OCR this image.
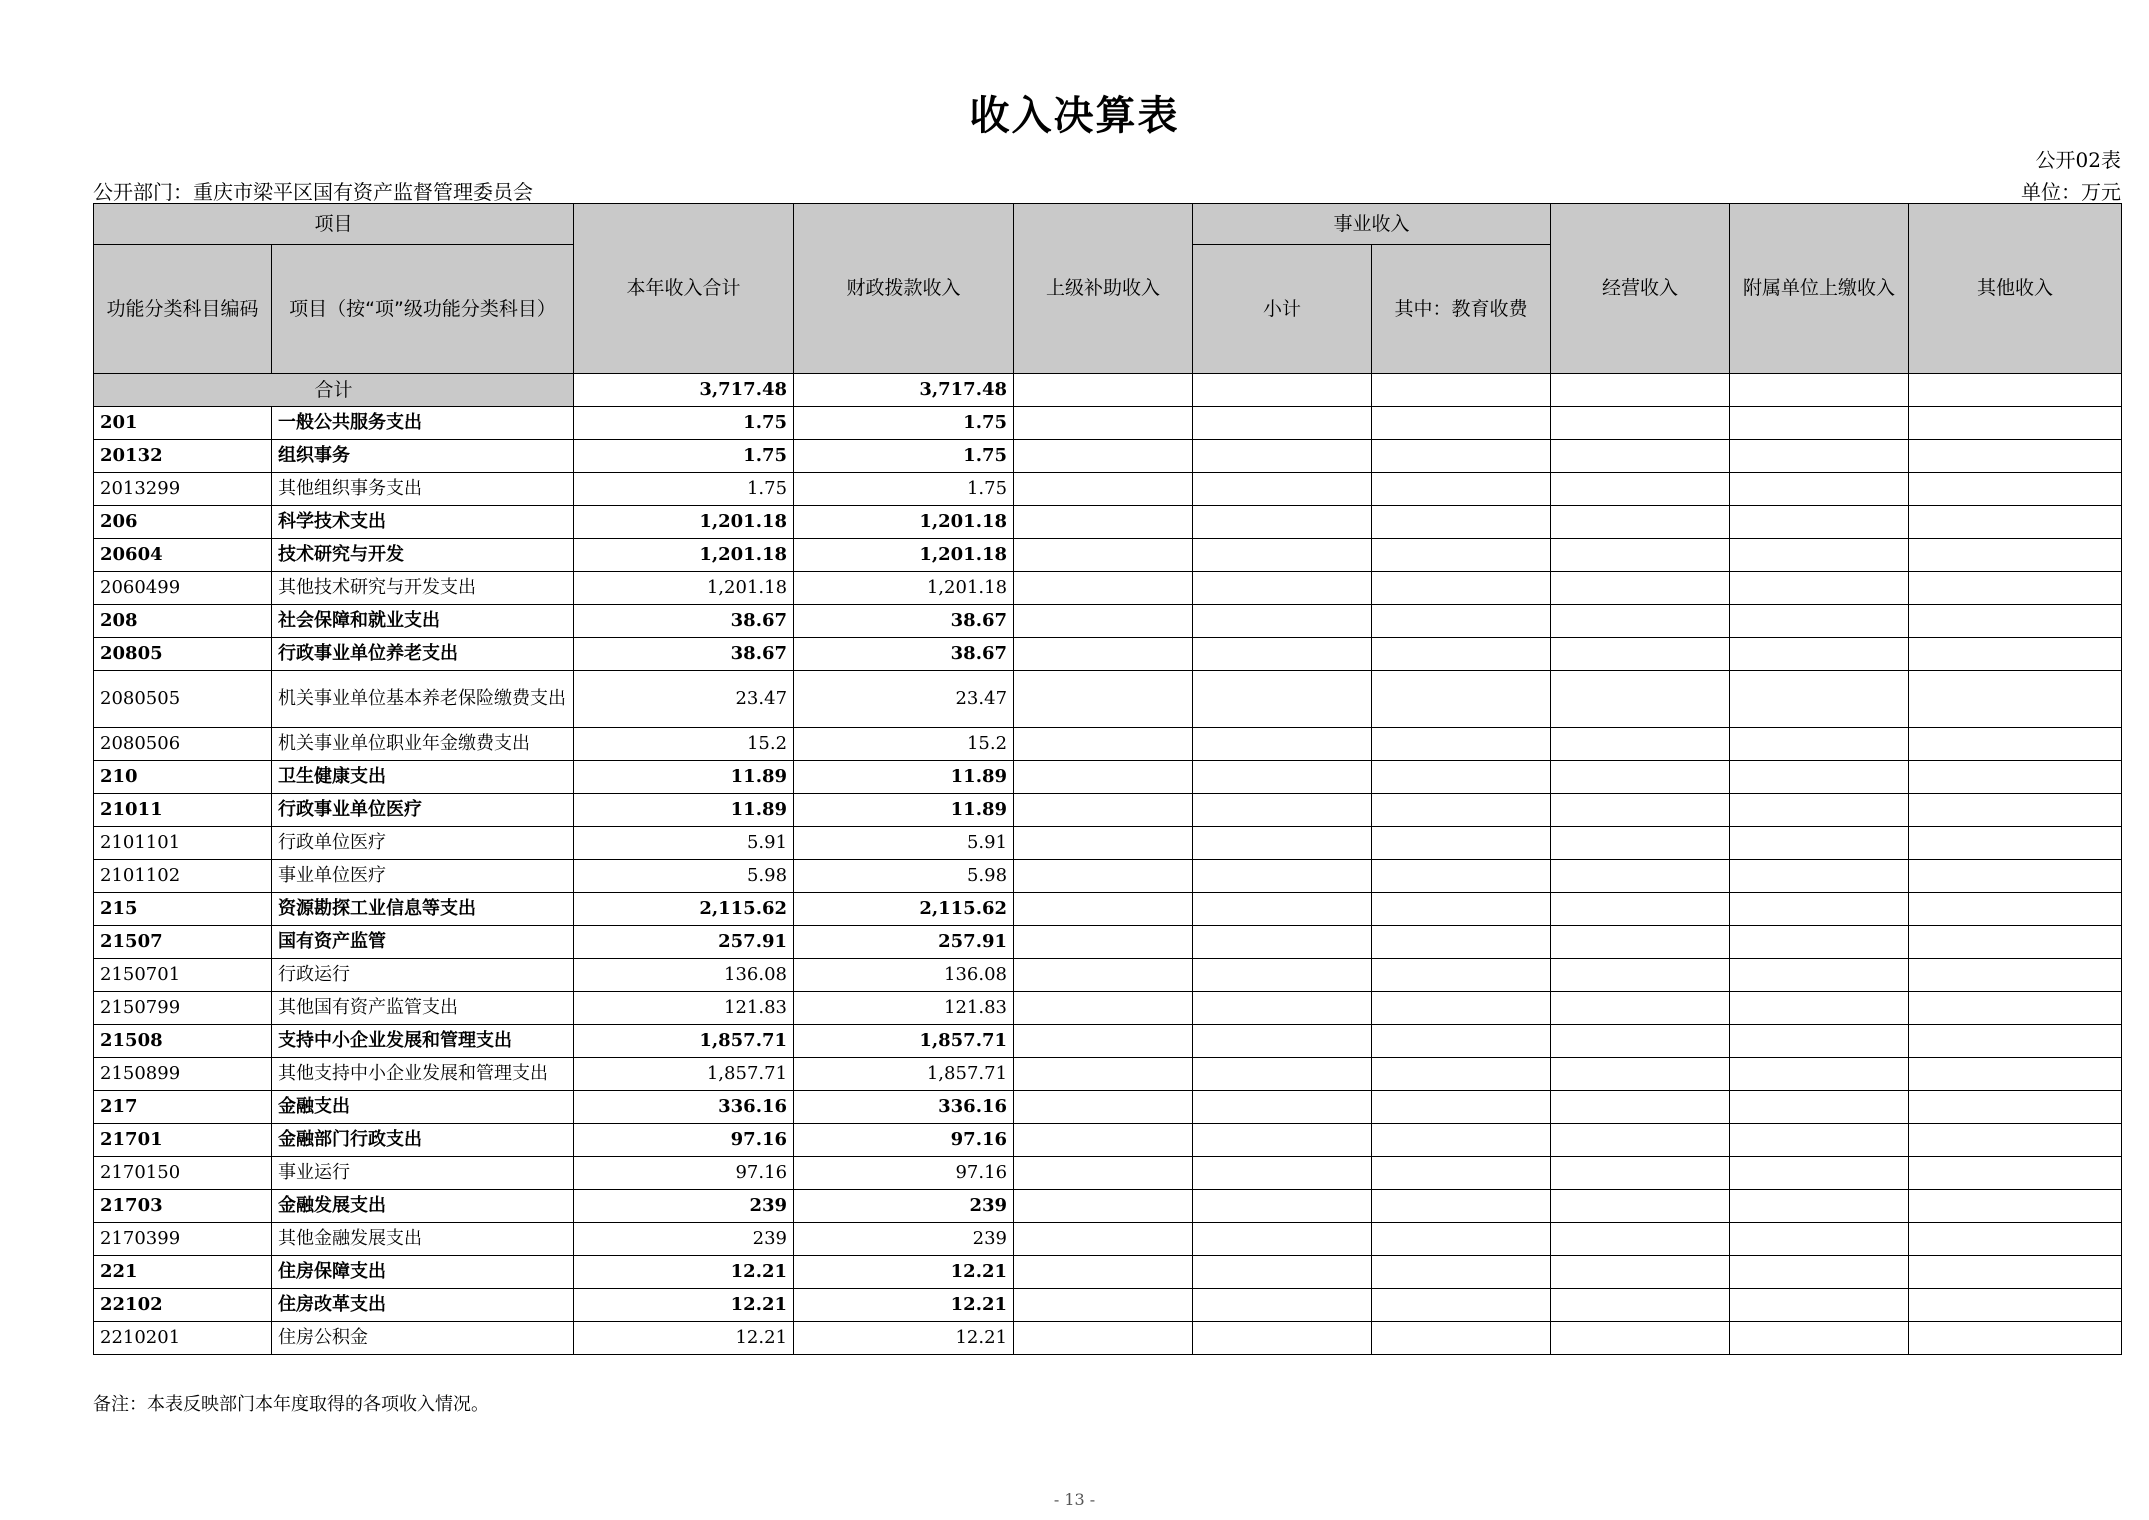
收入决算表
公开02表
公开部门：重庆市梁平区国有资产监督管理委员会	单位：万元
项目		本年收入合计	财政拨款收入	上级补助收入	事业收入		经营收入	附属单位上缴收入	其他收入
功能分类科目编码	项目（按“项”级功能分类科目）				小计	其中：教育收费			
合计		3,717.48	3,717.48						
201	一般公共服务支出	1.75	1.75						
20132	组织事务	1.75	1.75						
2013299	其他组织事务支出	1.75	1.75						
206	科学技术支出	1,201.18	1,201.18						
20604	技术研究与开发	1,201.18	1,201.18						
2060499	其他技术研究与开发支出	1,201.18	1,201.18						
208	社会保障和就业支出	38.67	38.67						
20805	行政事业单位养老支出	38.67	38.67						
2080505	机关事业单位基本养老保险缴费支出	23.47	23.47						
2080506	机关事业单位职业年金缴费支出	15.2	15.2						
210	卫生健康支出	11.89	11.89						
21011	行政事业单位医疗	11.89	11.89						
2101101	行政单位医疗	5.91	5.91						
2101102	事业单位医疗	5.98	5.98						
215	资源勘探工业信息等支出	2,115.62	2,115.62						
21507	国有资产监管	257.91	257.91						
2150701	行政运行	136.08	136.08						
2150799	其他国有资产监管支出	121.83	121.83						
21508	支持中小企业发展和管理支出	1,857.71	1,857.71						
2150899	其他支持中小企业发展和管理支出	1,857.71	1,857.71						
217	金融支出	336.16	336.16						
21701	金融部门行政支出	97.16	97.16						
2170150	事业运行	97.16	97.16						
21703	金融发展支出	239	239						
2170399	其他金融发展支出	239	239						
221	住房保障支出	12.21	12.21						
22102	住房改革支出	12.21	12.21						
2210201	住房公积金	12.21	12.21						
备注：本表反映部门本年度取得的各项收入情况。
- 13 -
